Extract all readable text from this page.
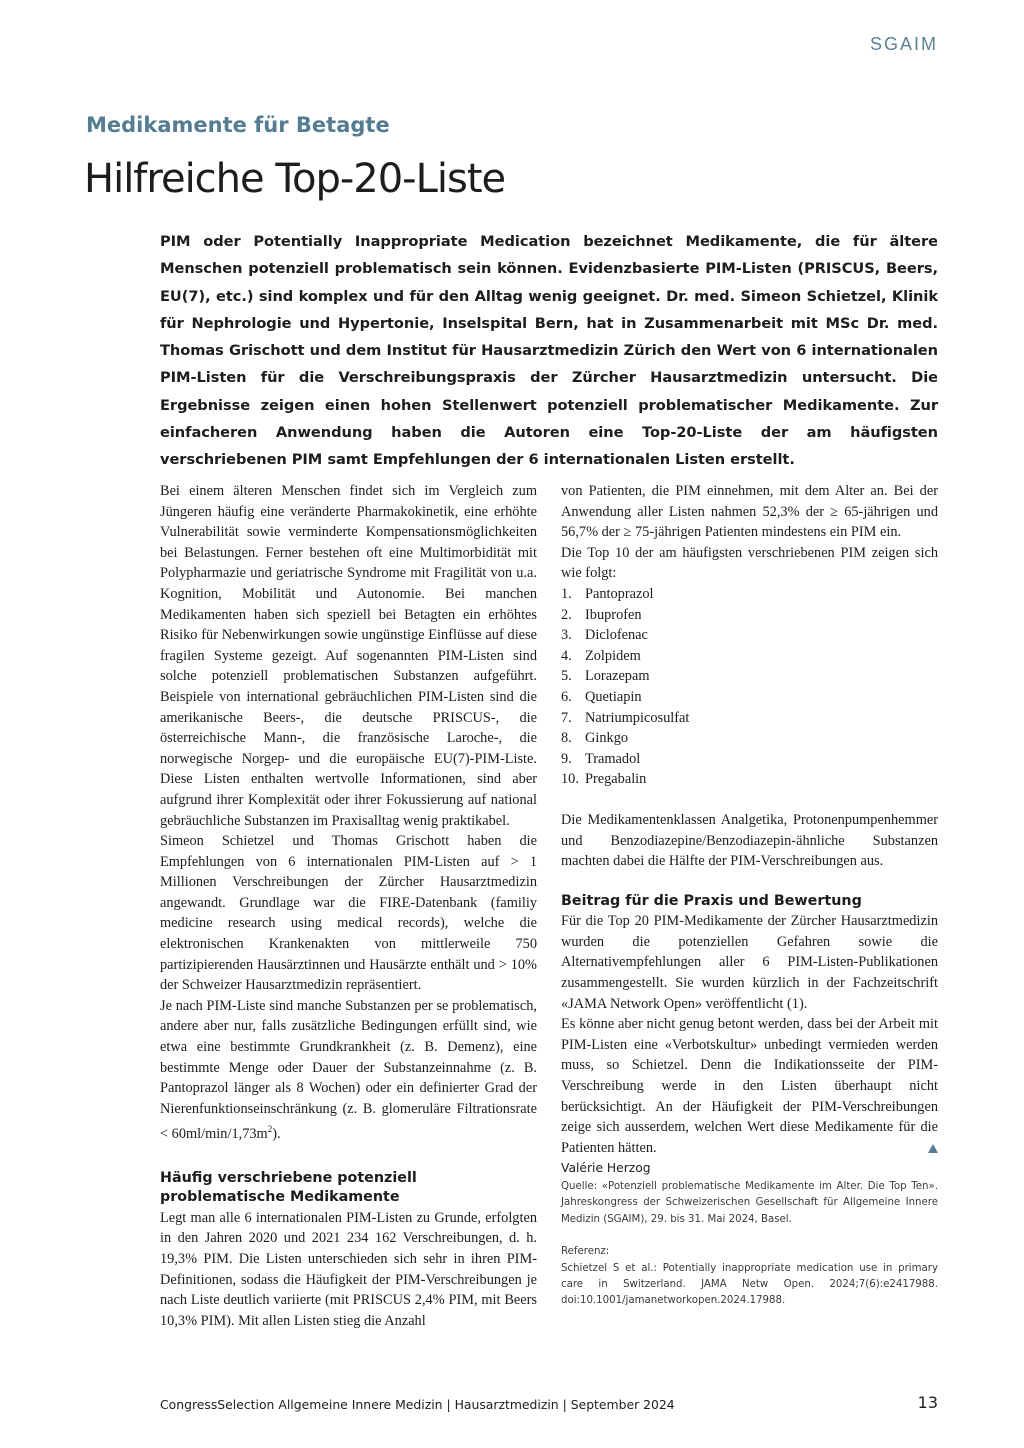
SGAIM
Medikamente für Betagte
Hilfreiche Top-20-Liste

PIM oder Potentially Inappropriate Medication bezeichnet Medikamente, die für ältere Menschen potenziell problematisch sein können. Evidenzbasierte PIM-Listen (PRISCUS, Beers, EU(7), etc.) sind komplex und für den Alltag wenig geeignet. Dr. med. Simeon Schietzel, Klinik für Nephrologie und Hypertonie, Inselspital Bern, hat in Zusammenarbeit mit MSc Dr. med. Thomas Grischott und dem Institut für Hausarztmedizin Zürich den Wert von 6 internationalen PIM-Listen für die Verschreibungspraxis der Zürcher Hausarztmedizin untersucht. Die Ergebnisse zeigen einen hohen Stellenwert potenziell problematischer Medikamente. Zur einfacheren Anwendung haben die Autoren eine Top-20-Liste der am häufigsten verschriebenen PIM samt Empfehlungen der 6 internationalen Listen erstellt.

Bei einem älteren Menschen findet sich im Vergleich zum Jüngeren häufig eine veränderte Pharmakokinetik, eine erhöhte Vulnerabilität sowie verminderte Kompensationsmöglichkeiten bei Belastungen. Ferner bestehen oft eine Multimorbidität mit Polypharmazie und geriatrische Syndrome mit Fragilität von u.a. Kognition, Mobilität und Autonomie. Bei manchen Medikamenten haben sich speziell bei Betagten ein erhöhtes Risiko für Nebenwirkungen sowie ungünstige Einflüsse auf diese fragilen Systeme gezeigt. Auf sogenannten PIM-Listen sind solche potenziell problematischen Substanzen aufgeführt. Beispiele von international gebräuchlichen PIM-Listen sind die amerikanische Beers-, die deutsche PRISCUS-, die österreichische Mann-, die französische Laroche-, die norwegische Norgep- und die europäische EU(7)-PIM-Liste. Diese Listen enthalten wertvolle Informationen, sind aber aufgrund ihrer Komplexität oder ihrer Fokussierung auf national gebräuchliche Substanzen im Praxisalltag wenig praktikabel.

Simeon Schietzel und Thomas Grischott haben die Empfehlungen von 6 internationalen PIM-Listen auf > 1 Millionen Verschreibungen der Zürcher Hausarztmedizin angewandt. Grundlage war die FIRE-Datenbank (familiy medicine research using medical records), welche die elektronischen Krankenakten von mittlerweile 750 partizipierenden Hausärztinnen und Hausärzte enthält und > 10% der Schweizer Hausarztmedizin repräsentiert.

Je nach PIM-Liste sind manche Substanzen per se problematisch, andere aber nur, falls zusätzliche Bedingungen erfüllt sind, wie etwa eine bestimmte Grundkrankheit (z. B. Demenz), eine bestimmte Menge oder Dauer der Substanzeinnahme (z. B. Pantoprazol länger als 8 Wochen) oder ein definierter Grad der Nierenfunktionseinschränkung (z. B. glomeruläre Filtrationsrate < $60ml/\min/1,73m^2$).

Häufig verschriebene potenziell problematische Medikamente

Legt man alle 6 internationalen PIM-Listen zu Grunde, erfolgten in den Jahren 2020 und 2021 234 162 Verschreibungen, d. h. 19,3% PIM. Die Listen unterschieden sich sehr in ihren PIM-Definitionen, sodass die Häufigkeit der PIM-Verschreibungen je nach Liste deutlich variierte (mit PRISCUS 2,4% PIM, mit Beers 10,3% PIM). Mit allen Listen stieg die Anzahl

von Patienten, die PIM einnehmen, mit dem Alter an. Bei der Anwendung aller Listen nahmen 52,3% der ≥ 65-jährigen und 56,7% der ≥ 75-jährigen Patienten mindestens ein PIM ein.

Die Top 10 der am häufigsten verschriebenen PIM zeigen sich wie folgt:

1. Pantoprazol
2. Ibuprofen
3. Diclofenac
4. Zolpidem
5. Lorazepam
6. Quetiapin
7. Natriumpicosulfat
8. Ginkgo
9. Tramadol
10. Pregabalin

Die Medikamentenklassen Analgetika, Protonenpumpenhemmer und Benzodiazepine/Benzodiazepin-ähnliche Substanzen machten dabei die Hälfte der PIM-Verschreibungen aus.

Beitrag für die Praxis und Bewertung

Für die Top 20 PIM-Medikamente der Zürcher Hausarztmedizin wurden die potenziellen Gefahren sowie die Alternativempfehlungen aller 6 PIM-Listen-Publikationen zusammengestellt. Sie wurden kürzlich in der Fachzeitschrift «JAMA Network Open» veröffentlicht (1).

Es könne aber nicht genug betont werden, dass bei der Arbeit mit PIM-Listen eine «Verbotskultur» unbedingt vermieden werden muss, so Schietzel. Denn die Indikationsseite der PIM-Verschreibung werde in den Listen überhaupt nicht berücksichtigt. An der Häufigkeit der PIM-Verschreibungen zeige sich ausserdem, welchen Wert diese Medikamente für die Patienten hätten.

Valérie Herzog

Quelle: «Potenziell problematische Medikamente im Alter. Die Top Ten». Jahreskongress der Schweizerischen Gesellschaft für Allgemeine Innere Medizin (SGAIM), 29. bis 31. Mai 2024, Basel.

Referenz:
Schietzel S et al.: Potentially inappropriate medication use in primary care in Switzerland. JAMA Netw Open. 2024;7(6):e2417988. doi:10.1001/jamanetworkopen.2024.17988.
CongressSelection Allgemeine Innere Medizin | Hausarztmedizin | September 2024	13
